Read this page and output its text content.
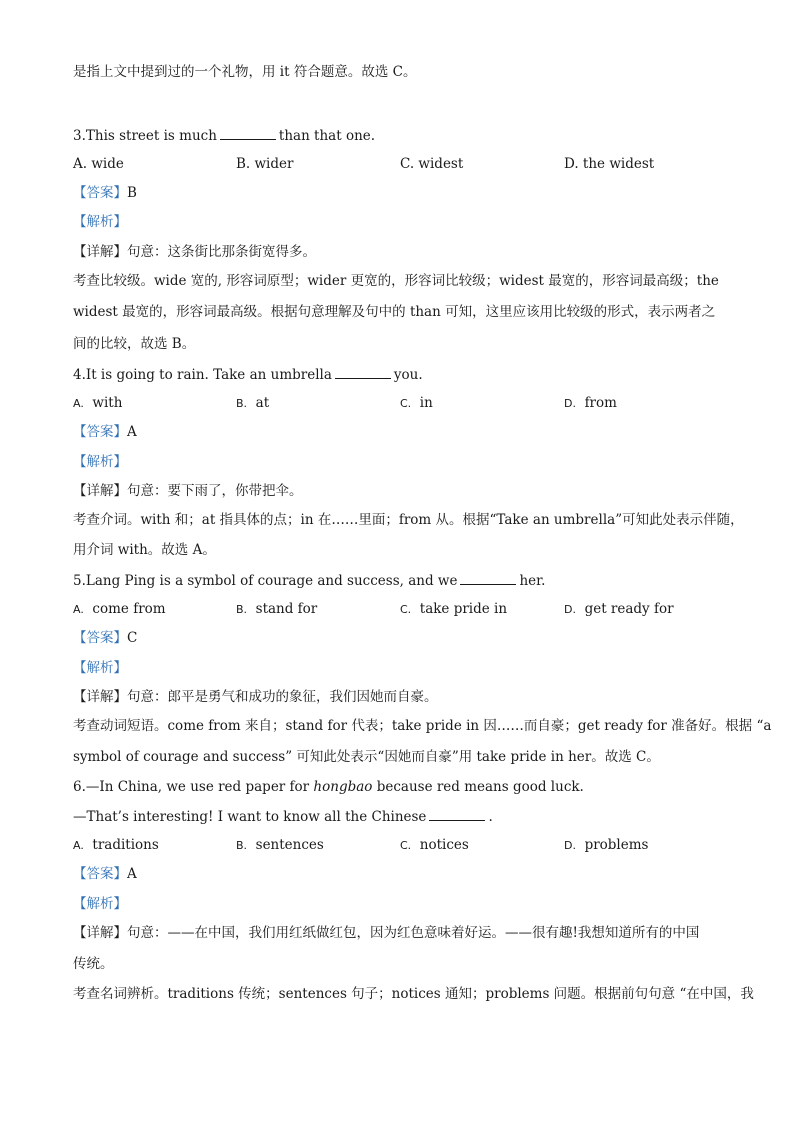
是指上文中提到过的一个礼物，用 it 符合题意。故选 C。
3.This street is much	than that one.
A. wide	B. wider	C. widest	D. the widest
【答案】B
【解析】
【详解】句意：这条街比那条街宽得多。
考查比较级。wide 宽的, 形容词原型；wider 更宽的，形容词比较级；widest 最宽的，形容词最高级；the
widest 最宽的，形容词最高级。根据句意理解及句中的 than 可知，这里应该用比较级的形式，表示两者之
间的比较，故选 B。
4.It is going to rain. Take an umbrella	you.
A. with	B. at	C. in	D. from
【答案】A
【解析】
【详解】句意：要下雨了，你带把伞。
考查介词。with 和；at 指具体的点；in 在……里面；from 从。根据“Take an umbrella”可知此处表示伴随，
用介词 with。故选 A。
5.Lang Ping is a symbol of courage and success, and we	her.
A. come from	B. stand for	C. take pride in	D. get ready for
【答案】C
【解析】
【详解】句意：郎平是勇气和成功的象征，我们因她而自豪。
考查动词短语。come from 来自；stand for 代表；take pride in 因……而自豪；get ready for 准备好。根据 “a
symbol of courage and success” 可知此处表示“因她而自豪”用 take pride in her。故选 C。
6.—In China, we use red paper for hongbao because red means good luck.
—That’s interesting! I want to know all the Chinese	.
A. traditions	B. sentences	C. notices	D. problems
【答案】A
【解析】
【详解】句意：——在中国，我们用红纸做红包，因为红色意味着好运。——很有趣!我想知道所有的中国
传统。
考查名词辨析。traditions 传统；sentences 句子；notices 通知；problems 问题。根据前句句意 “在中国，我
